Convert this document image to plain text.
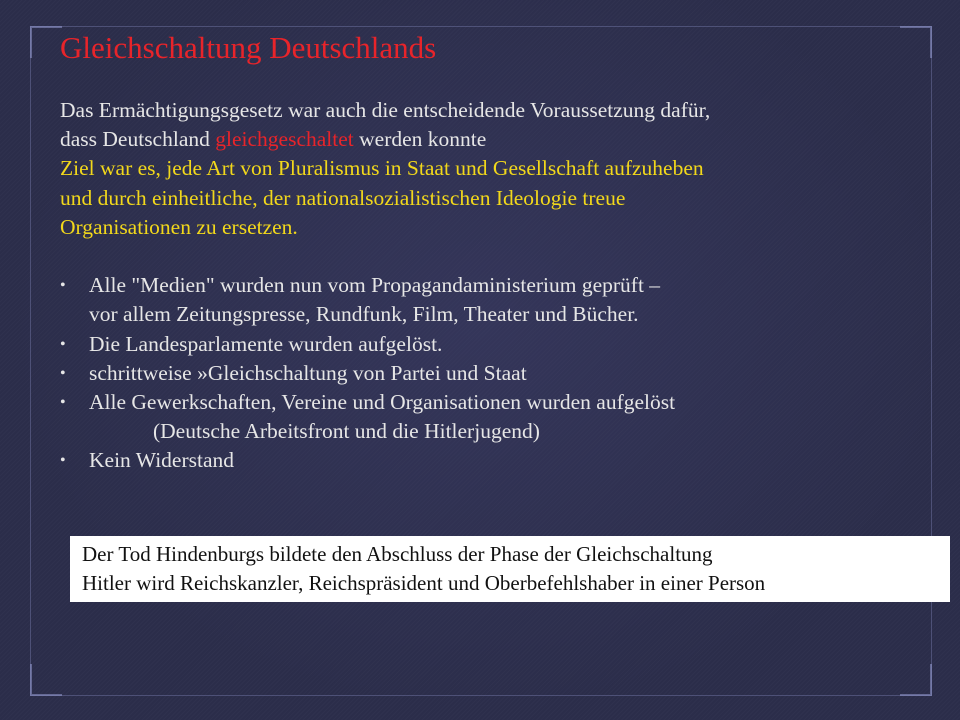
Gleichschaltung Deutschlands
Das Ermächtigungsgesetz war auch die entscheidende Voraussetzung dafür,
dass Deutschland gleichgeschaltet werden konnte
Ziel war es, jede Art von Pluralismus in Staat und Gesellschaft aufzuheben
und durch einheitliche, der nationalsozialistischen Ideologie treue
Organisationen zu ersetzen.
• Alle "Medien" wurden nun vom Propagandaministerium geprüft –
vor allem Zeitungspresse, Rundfunk, Film, Theater und Bücher.
• Die Landesparlamente wurden aufgelöst.
• schrittweise »Gleichschaltung von Partei und Staat
• Alle Gewerkschaften, Vereine und Organisationen wurden aufgelöst
(Deutsche Arbeitsfront und die Hitlerjugend)
• Kein Widerstand
Der Tod Hindenburgs bildete den Abschluss der Phase der Gleichschaltung
Hitler wird Reichskanzler, Reichspräsident und Oberbefehlshaber in einer Person
